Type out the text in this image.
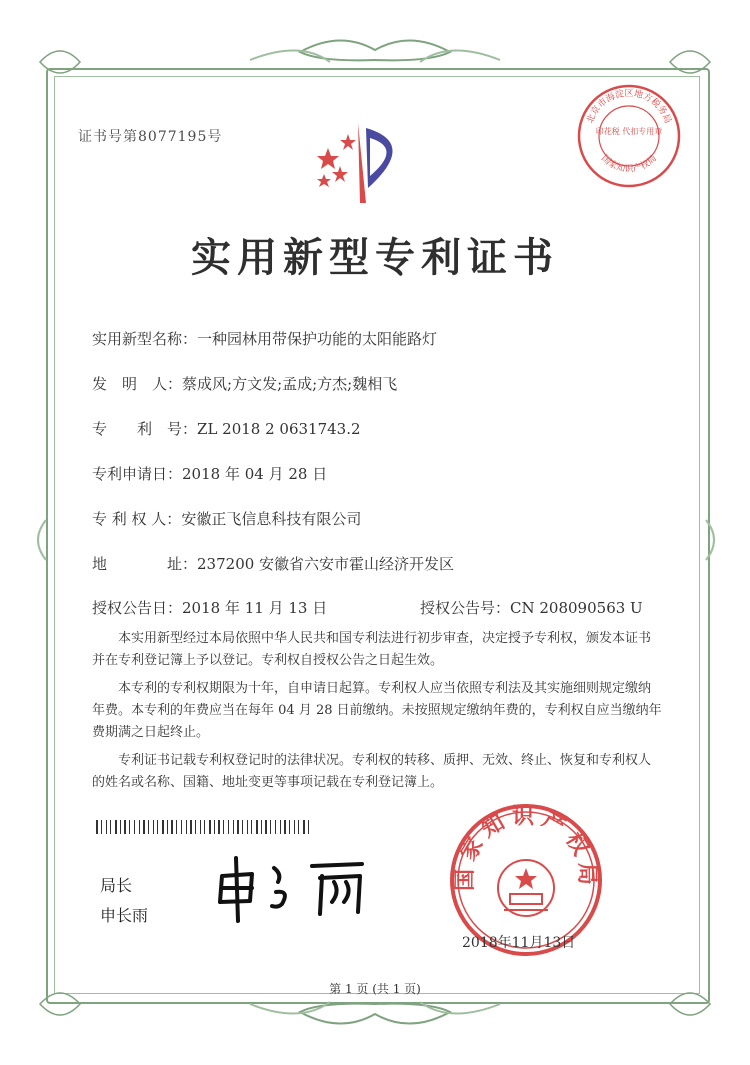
证书号第8077195号
实用新型专利证书
实用新型名称：一种园林用带保护功能的太阳能路灯
发　明　人：蔡成风;方文发;孟成;方杰;魏相飞
专　　利　号：ZL 2018 2 0631743.2
专利申请日：2018 年 04 月 28 日
专 利 权 人：安徽正飞信息科技有限公司
地　　　　址：237200 安徽省六安市霍山经济开发区
授权公告日：2018 年 11 月 13 日	授权公告号：CN 208090563 U

本实用新型经过本局依照中华人民共和国专利法进行初步审查，决定授予专利权，颁发本证书并在专利登记簿上予以登记。专利权自授权公告之日起生效。

本专利的专利权期限为十年，自申请日起算。专利权人应当依照专利法及其实施细则规定缴纳年费。本专利的年费应当在每年 04 月 28 日前缴纳。未按照规定缴纳年费的，专利权自应当缴纳年费期满之日起终止。

专利证书记载专利权登记时的法律状况。专利权的转移、质押、无效、终止、恢复和专利权人的姓名或名称、国籍、地址变更等事项记载在专利登记簿上。

局长
申长雨
国家知识产权局
2018年11月13日
北京市海淀区地方税务局
国家知识产权局
印花税 代扣专用章
第 1 页 (共 1 页)
